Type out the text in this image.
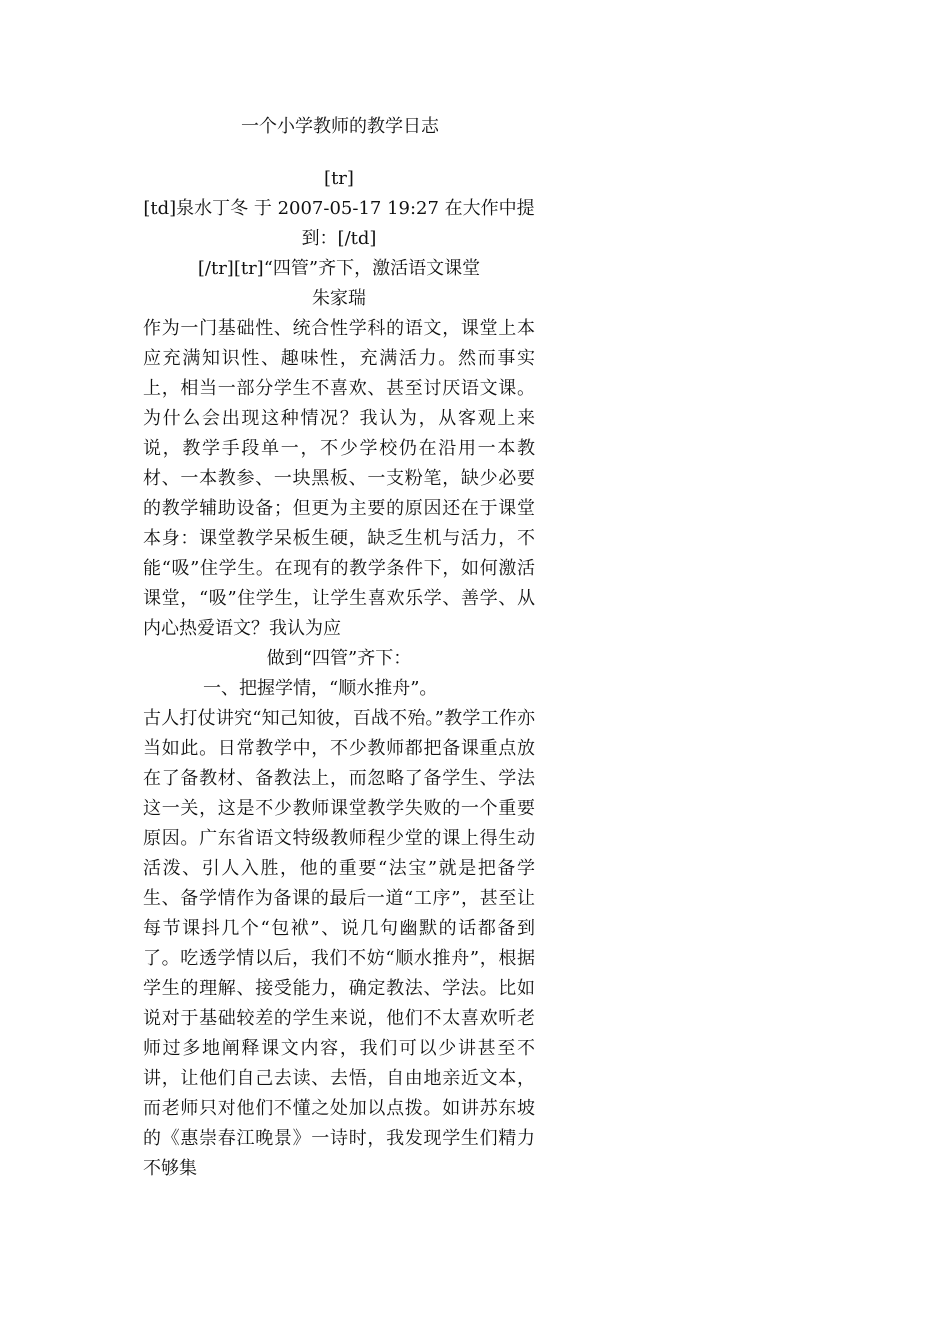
一个小学教师的教学日志

[tr]

[td]泉水丁冬 于 2007-05-17 19:27 在大作中提到：[/td]

[/tr][tr]“四管”齐下，激活语文课堂

朱家瑞

作为一门基础性、统合性学科的语文，课堂上本应充满知识性、趣味性，充满活力。然而事实上，相当一部分学生不喜欢、甚至讨厌语文课。为什么会出现这种情况？我认为，从客观上来说，教学手段单一，不少学校仍在沿用一本教材、一本教参、一块黑板、一支粉笔，缺少必要的教学辅助设备；但更为主要的原因还在于课堂本身：课堂教学呆板生硬，缺乏生机与活力，不能“吸”住学生。在现有的教学条件下，如何激活课堂，“吸”住学生，让学生喜欢乐学、善学、从内心热爱语文？我认为应

做到“四管”齐下：

一、把握学情，“顺水推舟”。

古人打仗讲究“知己知彼，百战不殆。”教学工作亦当如此。日常教学中，不少教师都把备课重点放在了备教材、备教法上，而忽略了备学生、学法这一关，这是不少教师课堂教学失败的一个重要原因。广东省语文特级教师程少堂的课上得生动活泼、引人入胜，他的重要“法宝”就是把备学生、备学情作为备课的最后一道“工序”，甚至让每节课抖几个“包袱”、说几句幽默的话都备到了。吃透学情以后，我们不妨“顺水推舟”，根据学生的理解、接受能力，确定教法、学法。比如说对于基础较差的学生来说，他们不太喜欢听老师过多地阐释课文内容，我们可以少讲甚至不讲，让他们自己去读、去悟，自由地亲近文本，而老师只对他们不懂之处加以点拨。如讲苏东坡的《惠崇春江晚景》一诗时，我发现学生们精力不够集
